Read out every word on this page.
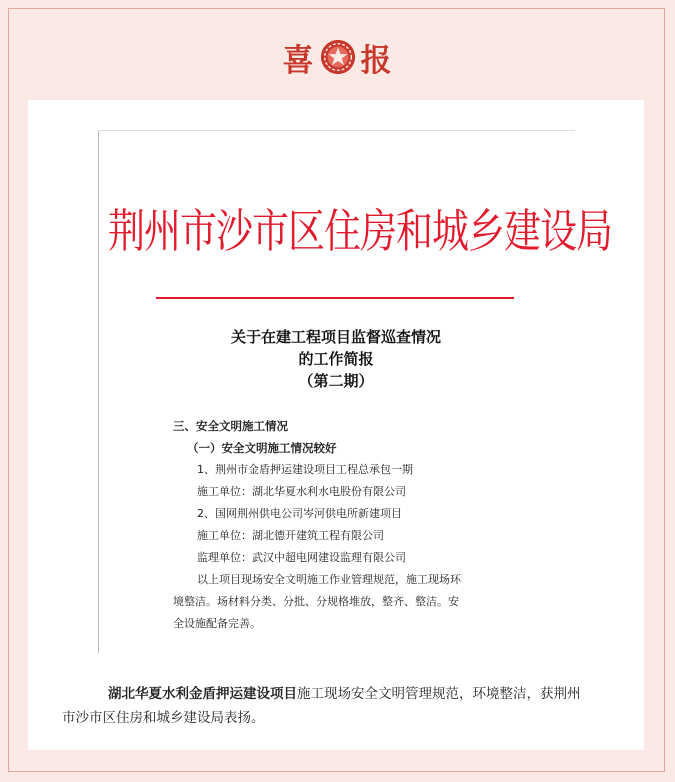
喜 报
荆州市沙市区住房和城乡建设局
关于在建工程项目监督巡查情况
的工作简报
（第二期）
三、安全文明施工情况
（一）安全文明施工情况较好
1、荆州市金盾押运建设项目工程总承包一期
施工单位：湖北华夏水利水电股份有限公司
2、国网荆州供电公司岑河供电所新建项目
施工单位：湖北德开建筑工程有限公司
监理单位：武汉中超电网建设监理有限公司
以上项目现场安全文明施工作业管理规范，施工现场环
境整洁。场材料分类、分批、分规格堆放，整齐、整洁。安
全设施配备完善。
湖北华夏水利金盾押运建设项目施工现场安全文明管理规范，环境整洁，获荆州
市沙市区住房和城乡建设局表扬。
